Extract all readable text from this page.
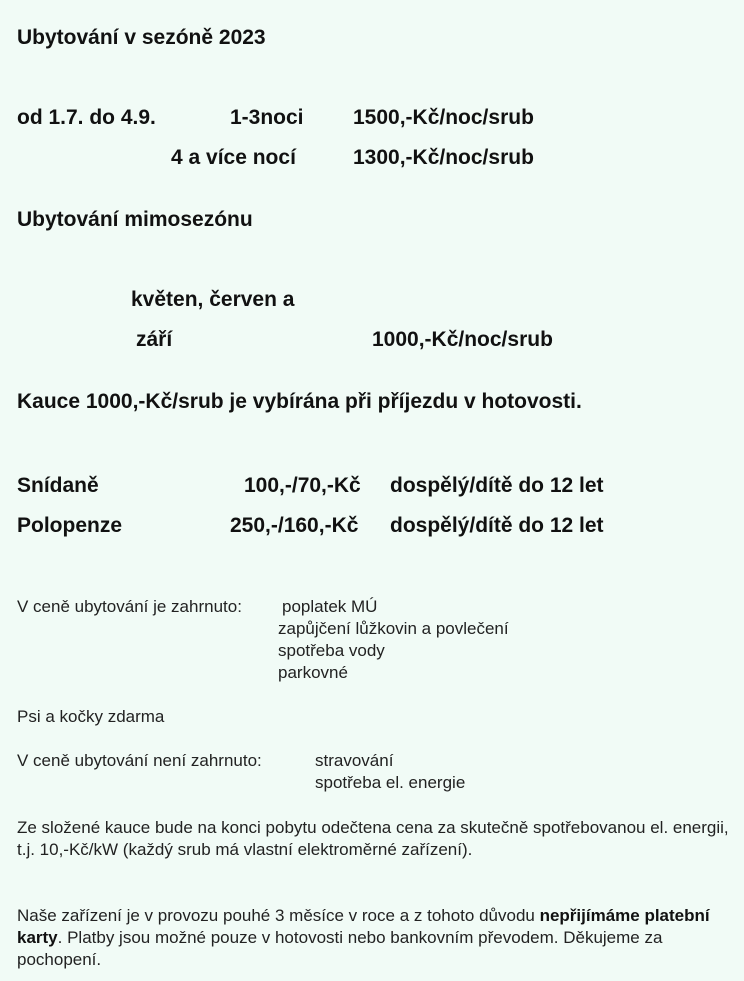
Ubytování v sezóně 2023
od 1.7. do 4.9.	1-3noci 1500,-Kč/noc/srub
4 a více nocí	1300,-Kč/noc/srub
Ubytování mimosezónu
květen, červen a
září	1000,-Kč/noc/srub
Kauce 1000,-Kč/srub je vybírána při příjezdu v hotovosti.
Snídaně	100,-/70,-Kč dospělý/dítě do 12 let
Polopenze	250,-/160,-Kč dospělý/dítě do 12 let
V ceně ubytování je zahrnuto: poplatek MÚ
zapůjčení lůžkovin a povlečení
spotřeba vody
parkovné
Psi a kočky zdarma
V ceně ubytování není zahrnuto:	stravování
spotřeba el. energie
Ze složené kauce bude na konci pobytu odečtena cena za skutečně spotřebovanou el. energii, t.j. 10,-Kč/kW (každý srub má vlastní elektroměrné zařízení).
Naše zařízení je v provozu pouhé 3 měsíce v roce a z tohoto důvodu nepřijímáme platební karty. Platby jsou možné pouze v hotovosti nebo bankovním převodem. Děkujeme za pochopení.
